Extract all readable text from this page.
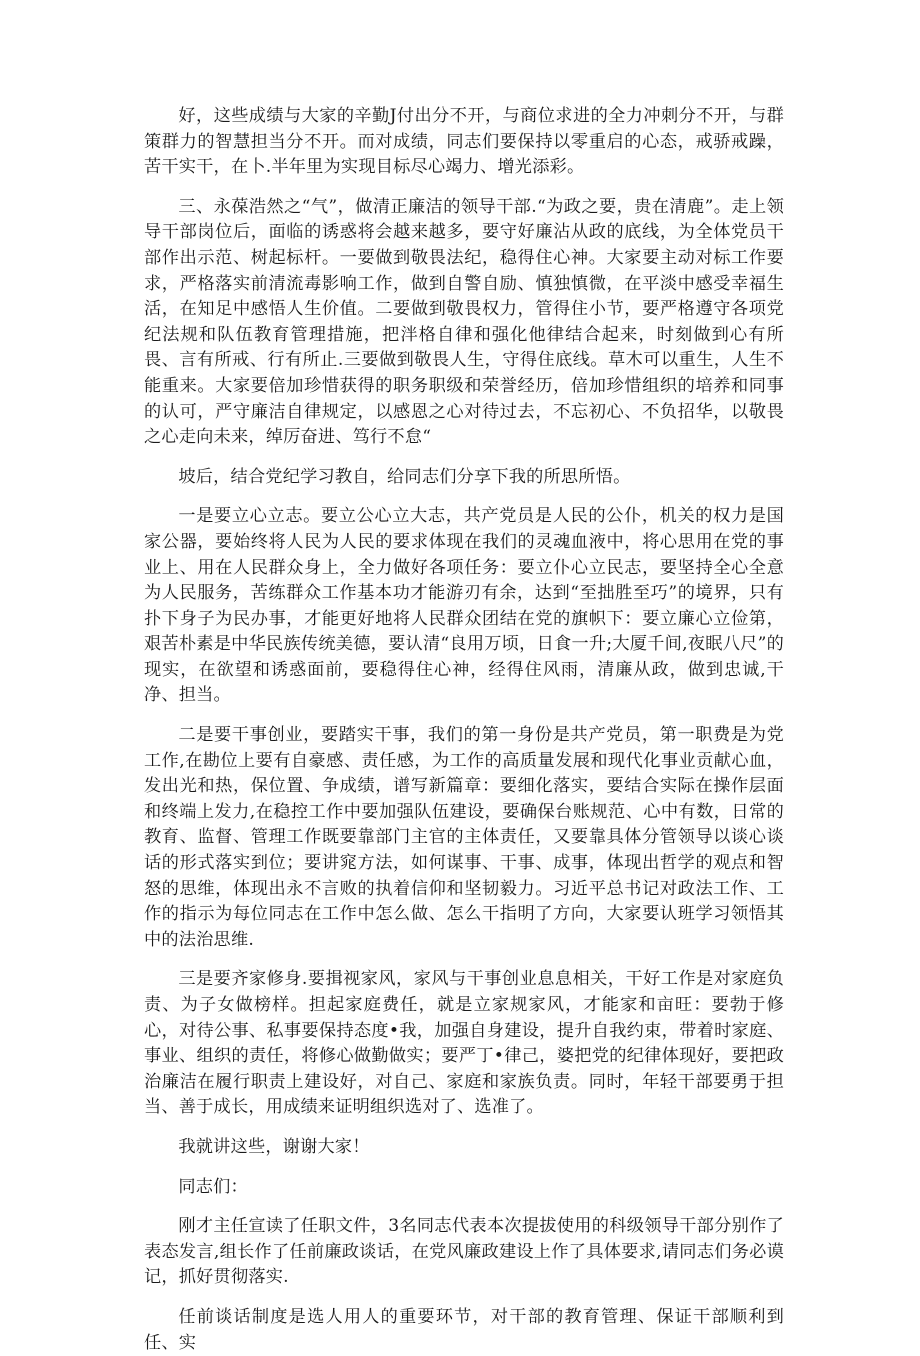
好，这些成绩与大家的辛勤J付出分不开，与商位求进的全力冲刺分不开，与群策群力的智慧担当分不开。而对成绩，同志们要保持以零重启的心态，戒骄戒躁，苦干实干，在卜.半年里为实现目标尽心竭力、增光添彩。

三、永葆浩然之“气”，做清正廉洁的领导干部.“为政之要，贵在清鹿”。走上领导干部岗位后，面临的诱惑将会越来越多，要守好廉沾从政的底线，为全体党员干部作出示范、树起标杆。一要做到敬畏法纪，稳得住心神。大家要主动对标工作要求，严格落实前清流毒影响工作，做到自警自励、慎独慎微，在平淡中感受幸福生活，在知足中感悟人生价值。二要做到敬畏权力，管得住小节，要严格遵守各项党纪法规和队伍教育管理措施，把泮格自律和强化他律结合起来，时刻做到心有所畏、言有所戒、行有所止.三要做到敬畏人生，守得住底线。草木可以重生，人生不能重来。大家要倍加珍惜获得的职务职级和荣誉经历，倍加珍惜组织的培养和同事的认可，严守廉洁自律规定，以感恩之心对待过去，不忘初心、不负招华，以敬畏之心走向未来，绰厉奋进、笃行不怠“

坡后，结合党纪学习教自，给同志们分享下我的所思所悟。

一是要立心立志。要立公心立大志，共产党员是人民的公仆，机关的权力是国家公器，要始终将人民为人民的要求体现在我们的灵魂血液中，将心思用在党的事业上、用在人民群众身上，全力做好各项任务：要立仆心立民志，要坚持全心全意为人民服务，苦练群众工作基本功才能游刃有余，达到“至拙胜至巧”的境界，只有扑下身子为民办事，才能更好地将人民群众团结在党的旗帜下：要立廉心立俭第，艰苦朴素是中华民族传统美德，要认清“良用万顷，日食一升;大厦千间,夜眠八尺”的现实，在欲望和诱惑面前，要稳得住心神，经得住风雨，清廉从政，做到忠诚,干净、担当。

二是要干事创业，要踏实干事，我们的第一身份是共产党员，第一职费是为党工作,在勘位上要有自豪感、责任感，为工作的高质量发展和现代化事业贡献心血，发出光和热，保位置、争成绩，谱写新篇章：要细化落实，要结合实际在操作层面和终端上发力,在稳控工作中要加强队伍建设，要确保台账规范、心中有数，日常的教育、监督、管理工作既要靠部门主官的主体责任，又要靠具体分管领导以谈心谈话的形式落实到位；要讲窕方法，如何谋事、干事、成事，体现出哲学的观点和智怒的思维，体现出永不言败的执着信仰和坚韧毅力。习近平总书记对政法工作、工作的指示为每位同志在工作中怎么做、怎么干指明了方向，大家要认班学习领悟其中的法治思维.

三是要齐家修身.要揖视家风，家风与干事创业息息相关，干好工作是对家庭负责、为子女做榜样。担起家庭费任，就是立家规家风，才能家和亩旺：要勃于修心，对待公事、私事要保持态度•我，加强自身建设，提升自我约束，带着时家庭、事业、组织的责任，将修心做勤做实；要严丁•律己，婆把党的纪律体现好，要把政治廉洁在履行职责上建设好，对自己、家庭和家族负责。同时，年轻干部要勇于担当、善于成长，用成绩来证明组织选对了、选准了。

我就讲这些，谢谢大家！

同志们：

刚才主任宣读了任职文件，3名同志代表本次提拔使用的科级领导干部分别作了表态发言,组长作了任前廉政谈话，在党风廉政建设上作了具体要求,请同志们务必谟记，抓好贯彻落实.

任前谈话制度是选人用人的重要环节，对干部的教育管理、保证干部顺利到任、实
